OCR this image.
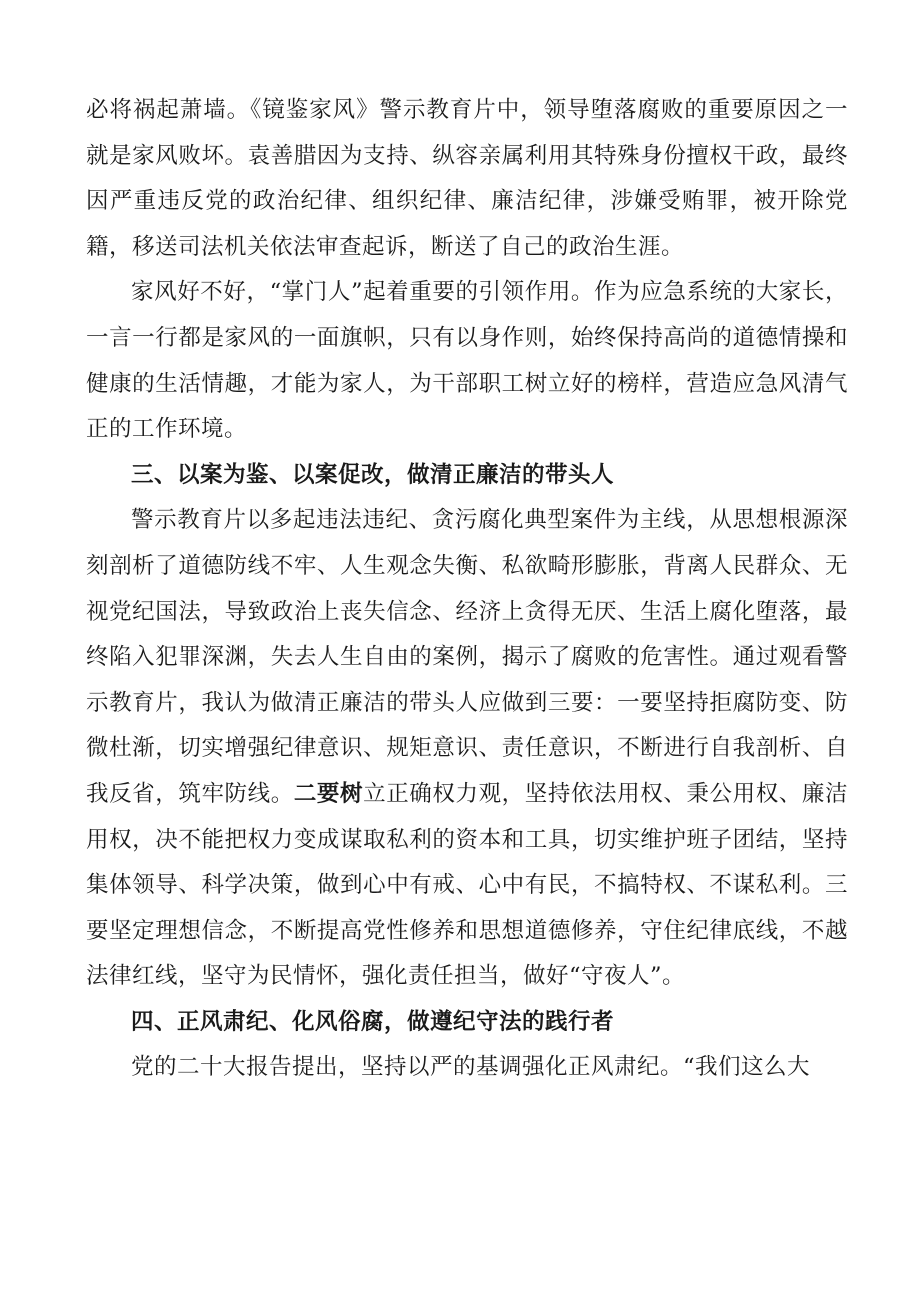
必将祸起萧墙。《镜鉴家风》警示教育片中，领导堕落腐败的重要原因之一就是家风败坏。袁善腊因为支持、纵容亲属利用其特殊身份擅权干政，最终因严重违反党的政治纪律、组织纪律、廉洁纪律，涉嫌受贿罪，被开除党籍，移送司法机关依法审查起诉，断送了自己的政治生涯。

家风好不好，“掌门人”起着重要的引领作用。作为应急系统的大家长，一言一行都是家风的一面旗帜，只有以身作则，始终保持高尚的道德情操和健康的生活情趣，才能为家人，为干部职工树立好的榜样，营造应急风清气正的工作环境。

三、以案为鉴、以案促改，做清正廉洁的带头人

警示教育片以多起违法违纪、贪污腐化典型案件为主线，从思想根源深刻剖析了道德防线不牢、人生观念失衡、私欲畸形膨胀，背离人民群众、无视党纪国法，导致政治上丧失信念、经济上贪得无厌、生活上腐化堕落，最终陷入犯罪深渊，失去人生自由的案例，揭示了腐败的危害性。通过观看警示教育片，我认为做清正廉洁的带头人应做到三要：一要坚持拒腐防变、防微杜渐，切实增强纪律意识、规矩意识、责任意识，不断进行自我剖析、自我反省，筑牢防线。二要树立正确权力观，坚持依法用权、秉公用权、廉洁用权，决不能把权力变成谋取私利的资本和工具，切实维护班子团结，坚持集体领导、科学决策，做到心中有戒、心中有民，不搞特权、不谋私利。三要坚定理想信念，不断提高党性修养和思想道德修养，守住纪律底线，不越法律红线，坚守为民情怀，强化责任担当，做好“守夜人”。

四、正风肃纪、化风俗腐，做遵纪守法的践行者

党的二十大报告提出，坚持以严的基调强化正风肃纪。“我们这么大
